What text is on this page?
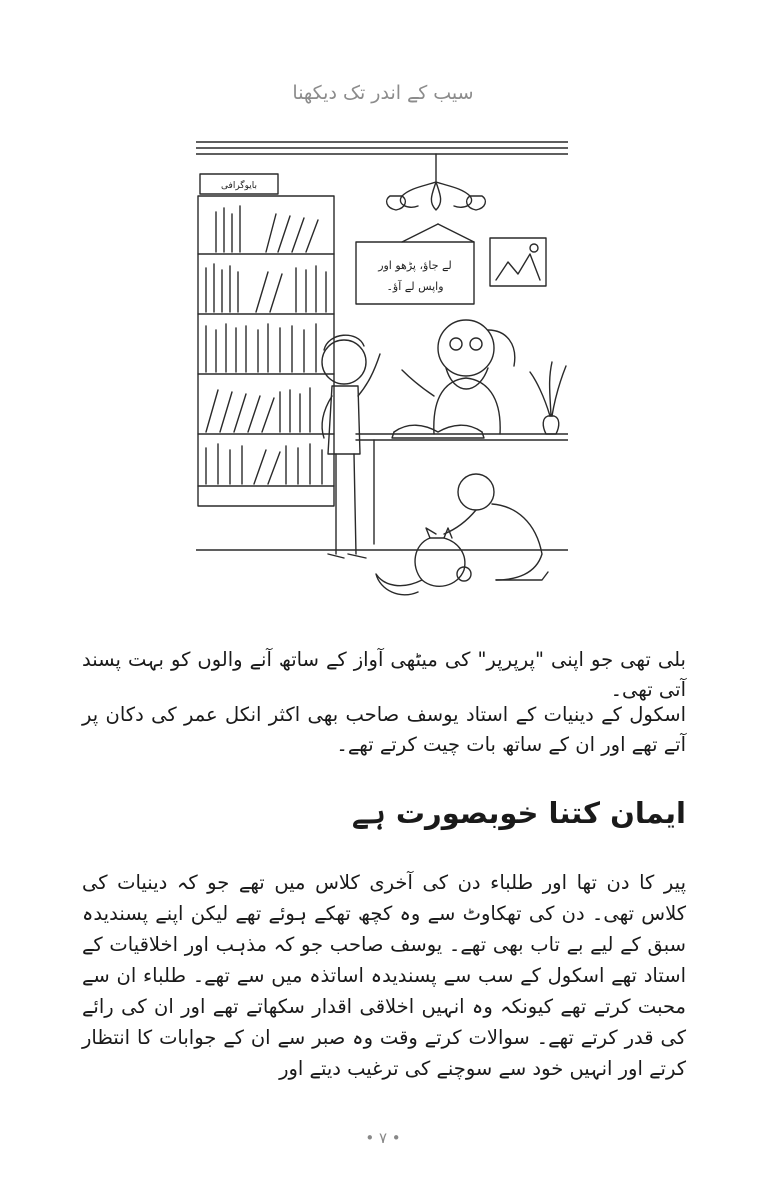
سیب کے اندر تک دیکھنا
بایوگرافی
لے جاؤ، پڑھو اور
واپس لے آؤ۔

بلی تھی جو اپنی "پرپرپر" کی میٹھی آواز کے ساتھ آنے والوں کو بہت پسند آتی تھی۔

اسکول کے دینیات کے استاد یوسف صاحب بھی اکثر انکل عمر کی دکان پر آتے تھے اور ان کے ساتھ بات چیت کرتے تھے۔

ایمان کتنا خوبصورت ہے

پیر کا دن تھا اور طلباء دن کی آخری کلاس میں تھے جو کہ دینیات کی کلاس تھی۔ دن کی تھکاوٹ سے وہ کچھ تھکے ہوئے تھے لیکن اپنے پسندیدہ سبق کے لیے بے تاب بھی تھے۔ یوسف صاحب جو کہ مذہب اور اخلاقیات کے استاد تھے اسکول کے سب سے پسندیدہ اساتذہ میں سے تھے۔ طلباء ان سے محبت کرتے تھے کیونکہ وہ انہیں اخلاقی اقدار سکھاتے تھے اور ان کی رائے کی قدر کرتے تھے۔ سوالات کرتے وقت وہ صبر سے ان کے جوابات کا انتظار کرتے اور انہیں خود سے سوچنے کی ترغیب دیتے اور

• ۷ •
